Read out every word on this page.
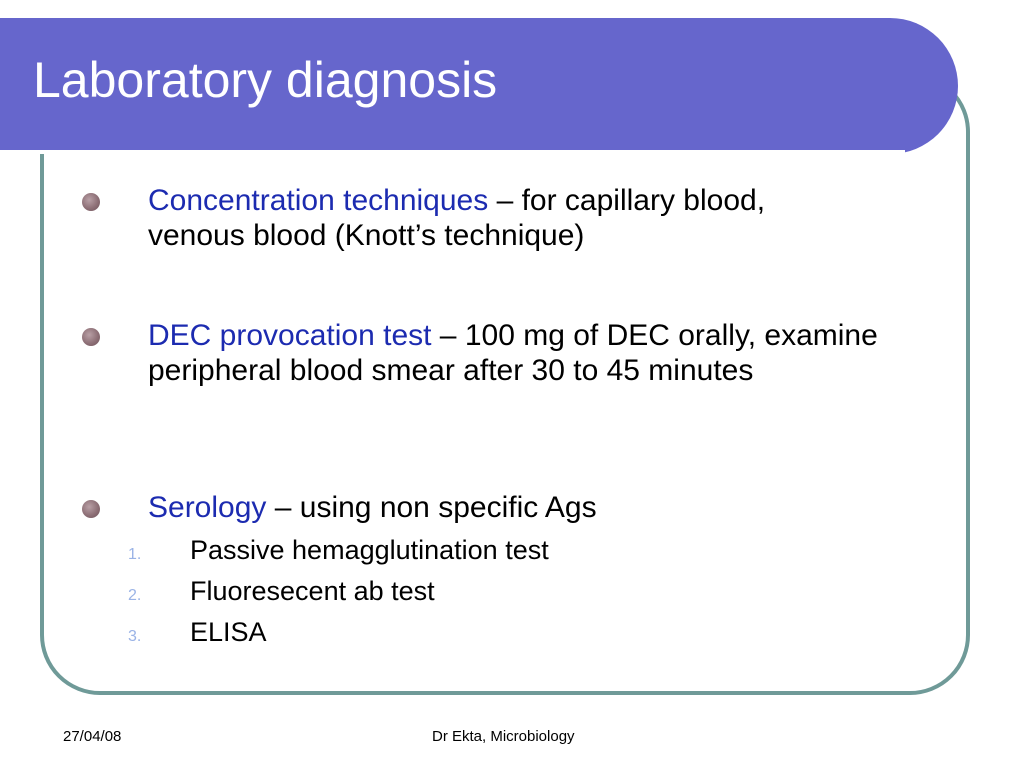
Laboratory diagnosis
Concentration techniques – for capillary blood, venous blood (Knott’s technique)
DEC provocation test – 100 mg of DEC orally, examine peripheral blood smear after 30 to 45 minutes
Serology – using non specific Ags
1. Passive hemagglutination test
2. Fluoresecent ab test
3. ELISA
27/04/08	Dr Ekta, Microbiology
